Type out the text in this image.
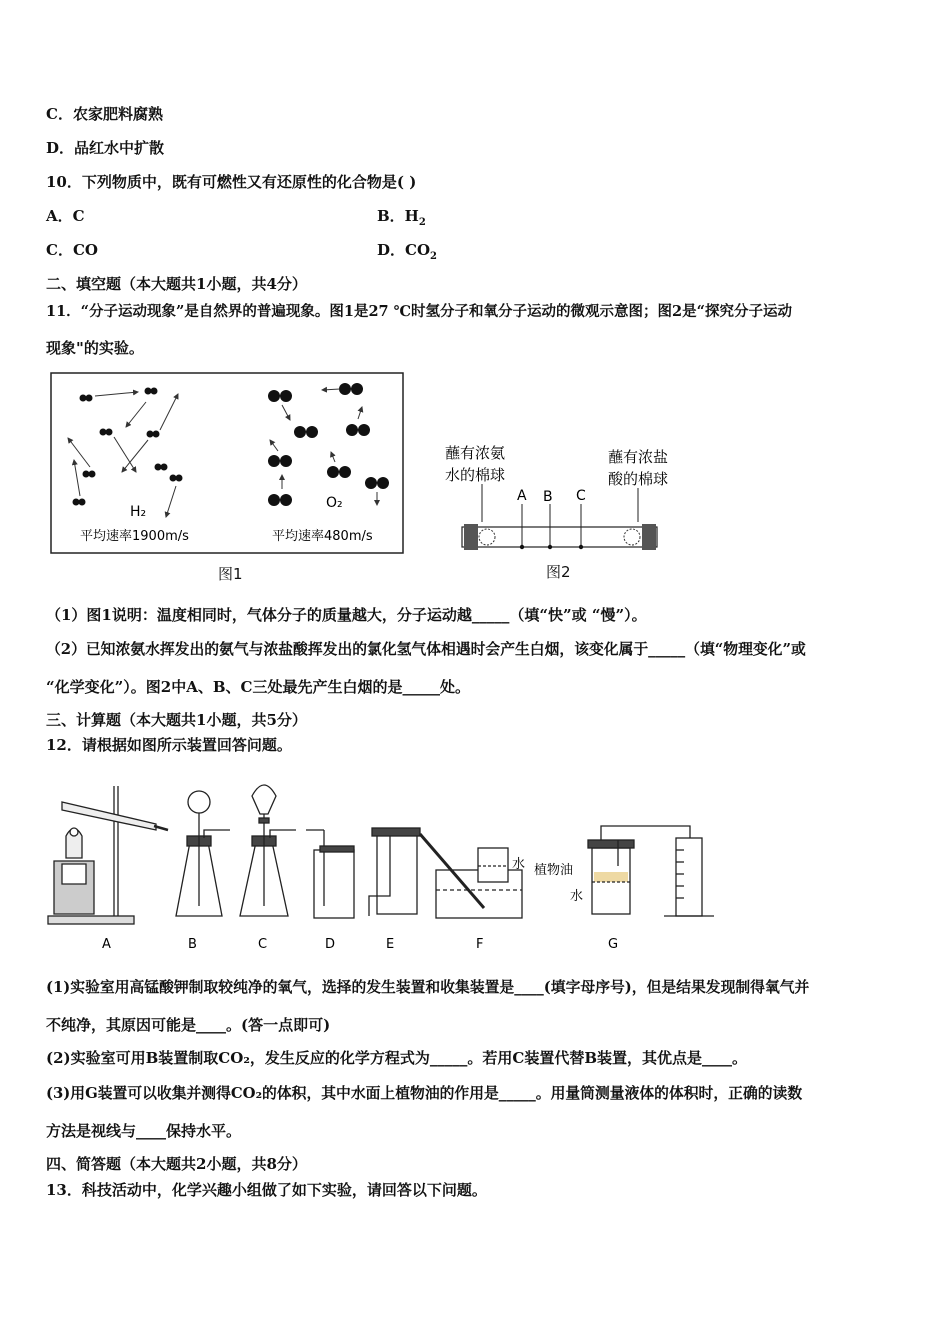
C．农家肥料腐熟
D．品红水中扩散
10．下列物质中，既有可燃性又有还原性的化合物是( )
A．C	B．$H_2$
C．CO	D．$CO_2$
二、填空题（本大题共1小题，共4分）
11．“分子运动现象”是自然界的普遍现象。图1是27 ℃时氢分子和氧分子运动的微观示意图；图2是“探究分子运动
现象"的实验。
H₂
O₂
平均速率1900m/s	平均速率480m/s
图1
蘸有浓氨
水的棉球
蘸有浓盐
酸的棉球
A B C
图2
（1）图1说明：温度相同时，气体分子的质量越大，分子运动越_____（填“快”或 “慢”）。
（2）已知浓氨水挥发出的氨气与浓盐酸挥发出的氯化氢气体相遇时会产生白烟，该变化属于_____（填“物理变化”或
“化学变化”）。图2中A、B、C三处最先产生白烟的是_____处。
三、计算题（本大题共1小题，共5分）
12．请根据如图所示装置回答问题。
水 植物油
水
A	B	C	D	E	F	G
(1)实验室用高锰酸钾制取较纯净的氧气，选择的发生装置和收集装置是____(填字母序号)，但是结果发现制得氧气并
不纯净，其原因可能是____。(答一点即可)
(2)实验室可用B装置制取CO₂，发生反应的化学方程式为_____。若用C装置代替B装置，其优点是____。
(3)用G装置可以收集并测得CO₂的体积，其中水面上植物油的作用是_____。用量筒测量液体的体积时，正确的读数
方法是视线与____保持水平。
四、简答题（本大题共2小题，共8分）
13．科技活动中，化学兴趣小组做了如下实验，请回答以下问题。
